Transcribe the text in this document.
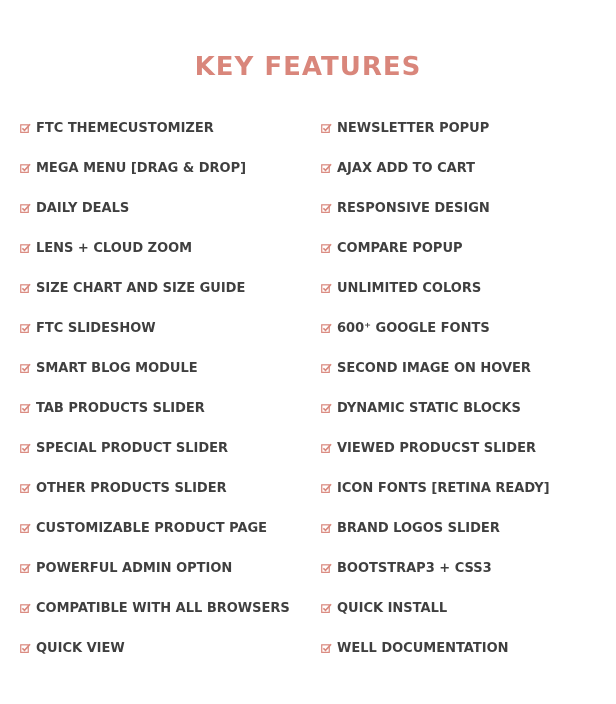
KEY FEATURES
FTC THEMECUSTOMIZER
MEGA MENU [DRAG & DROP]
DAILY DEALS
LENS + CLOUD ZOOM
SIZE CHART AND SIZE GUIDE
FTC SLIDESHOW
SMART BLOG MODULE
TAB PRODUCTS SLIDER
SPECIAL PRODUCT SLIDER
OTHER PRODUCTS SLIDER
CUSTOMIZABLE PRODUCT PAGE
POWERFUL ADMIN OPTION
COMPATIBLE WITH ALL BROWSERS
QUICK VIEW
NEWSLETTER POPUP
AJAX ADD TO CART
RESPONSIVE DESIGN
COMPARE POPUP
UNLIMITED COLORS
600⁺ GOOGLE FONTS
SECOND IMAGE ON HOVER
DYNAMIC STATIC BLOCKS
VIEWED PRODUCST SLIDER
ICON FONTS [RETINA READY]
BRAND LOGOS SLIDER
BOOTSTRAP3 + CSS3
QUICK INSTALL
WELL DOCUMENTATION
